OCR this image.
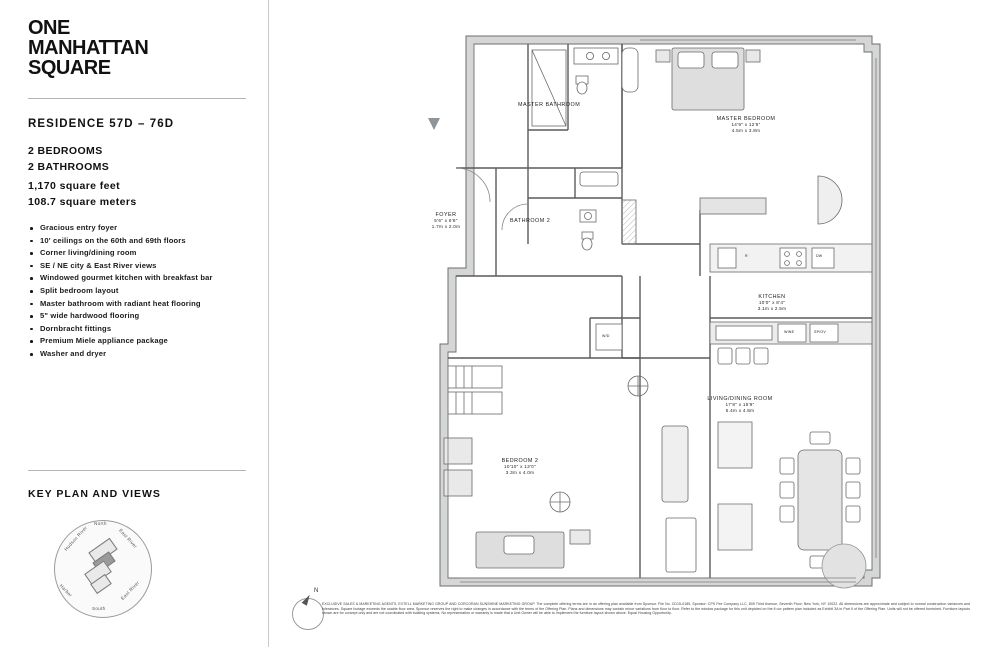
ONE
MANHATTAN
SQUARE
RESIDENCE 57D – 76D
2 BEDROOMS
2 BATHROOMS
1,170 square feet
108.7 square meters
Gracious entry foyer
10' ceilings on the 60th and 69th floors
Corner living/dining room
SE / NE city & East River views
Windowed gourmet kitchen with breakfast bar
Split bedroom layout
Master bathroom with radiant heat flooring
5" wide hardwood flooring
Dornbracht fittings
Premium Miele appliance package
Washer and dryer
KEY PLAN AND VIEWS
Hudson River
North
East River
East River
South
Harbor	N
MASTER BATHROOM
MASTER BEDROOM
14'9" x 12'6"
4.5m x 3.8m
FOYER
5'6" x 6'8"
1.7m x 2.0m
BATHROOM 2
KITCHEN
10'0" x 8'4"
3.1m x 2.5m
LIVING/DINING ROOM
17'8" x 15'9"
5.4m x 4.8m
BEDROOM 2
10'10" x 13'0"
3.3m x 4.0m
R	DW
W/D
WINE	SP/OV
EXCLUSIVE SALES & MARKETING AGENTS, EXTELL MARKETING GROUP AND CORCORAN SUNSHINE MARKETING GROUP. The complete offering terms are in an offering plan available from Sponsor. File No. CD15-0185. Sponsor: CPS Fee Company LLC, 805 Third Avenue, Seventh Floor, New York, NY 10022. All dimensions are approximate and subject to normal construction variances and tolerances. Square footage exceeds the usable floor area. Sponsor reserves the right to make changes in accordance with the terms of the Offering Plan. Plans and dimensions may contain minor variations from floor to floor. Refer to the window package for this unit depicted on the fl oor pattern plan included as Exhibit 3A in Part II of the Offering Plan. Units will not be offered furnished. Furniture layouts shown are for concept only and are not coordinated with building systems. No representation or warranty is made that a Unit Owner will be able to implement the furniture layout shown above. Equal Housing Opportunity.
